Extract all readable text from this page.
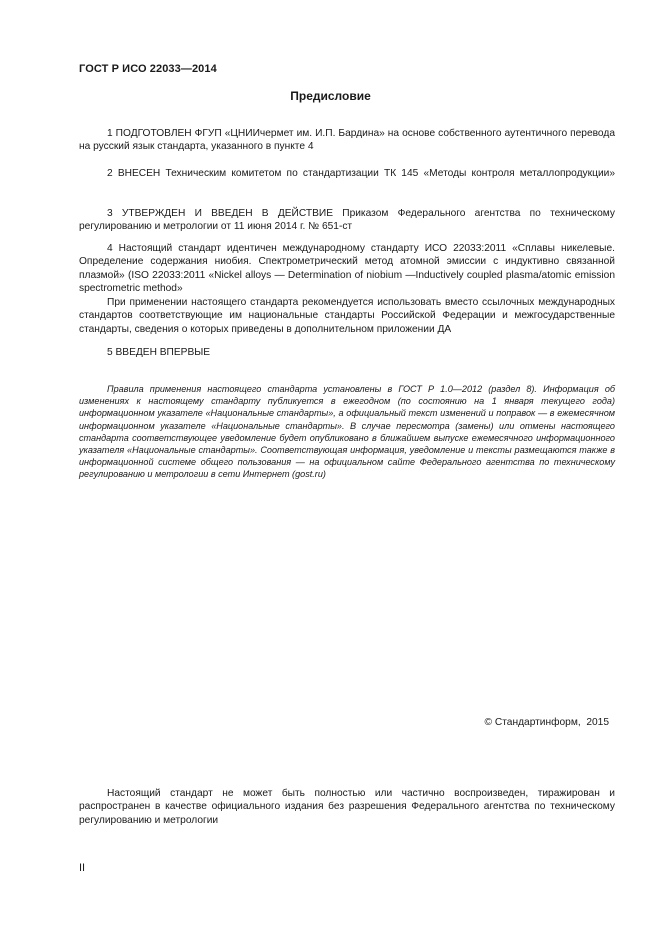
ГОСТ Р ИСО 22033—2014
Предисловие
1 ПОДГОТОВЛЕН ФГУП «ЦНИИчермет им. И.П. Бардина» на основе собственного аутентичного перевода на русский язык стандарта, указанного в пункте 4
2 ВНЕСЕН Техническим комитетом по стандартизации ТК 145 «Методы контроля металлопродукции»
3 УТВЕРЖДЕН И ВВЕДЕН В ДЕЙСТВИЕ Приказом Федерального агентства по техническому регулированию и метрологии от 11 июня 2014 г. № 651-ст
4 Настоящий стандарт идентичен международному стандарту ИСО 22033:2011 «Сплавы никелевые. Определение содержания ниобия. Спектрометрический метод атомной эмиссии с индуктивно связанной плазмой» (ISO 22033:2011 «Nickel alloys — Determination of niobium —Inductively coupled plasma/atomic emission spectrometric method»
При применении настоящего стандарта рекомендуется использовать вместо ссылочных международных стандартов соответствующие им национальные стандарты Российской Федерации и межгосударственные стандарты, сведения о которых приведены в дополнительном приложении ДА
5 ВВЕДЕН ВПЕРВЫЕ
Правила применения настоящего стандарта установлены в ГОСТ Р 1.0—2012 (раздел 8). Информация об изменениях к настоящему стандарту публикуется в ежегодном (по состоянию на 1 января текущего года) информационном указателе «Национальные стандарты», а официальный текст изменений и поправок — в ежемесячном информационном указателе «Национальные стандарты». В случае пересмотра (замены) или отмены настоящего стандарта соответствующее уведомление будет опубликовано в ближайшем выпуске ежемесячного информационного указателя «Национальные стандарты». Соответствующая информация, уведомление и тексты размещаются также в информационной системе общего пользования — на официальном сайте Федерального агентства по техническому регулированию и метрологии в сети Интернет (gost.ru)
© Стандартинформ,  2015
Настоящий стандарт не может быть полностью или частично воспроизведен, тиражирован и распространен в качестве официального издания без разрешения Федерального агентства по техническому регулированию и метрологии
II
